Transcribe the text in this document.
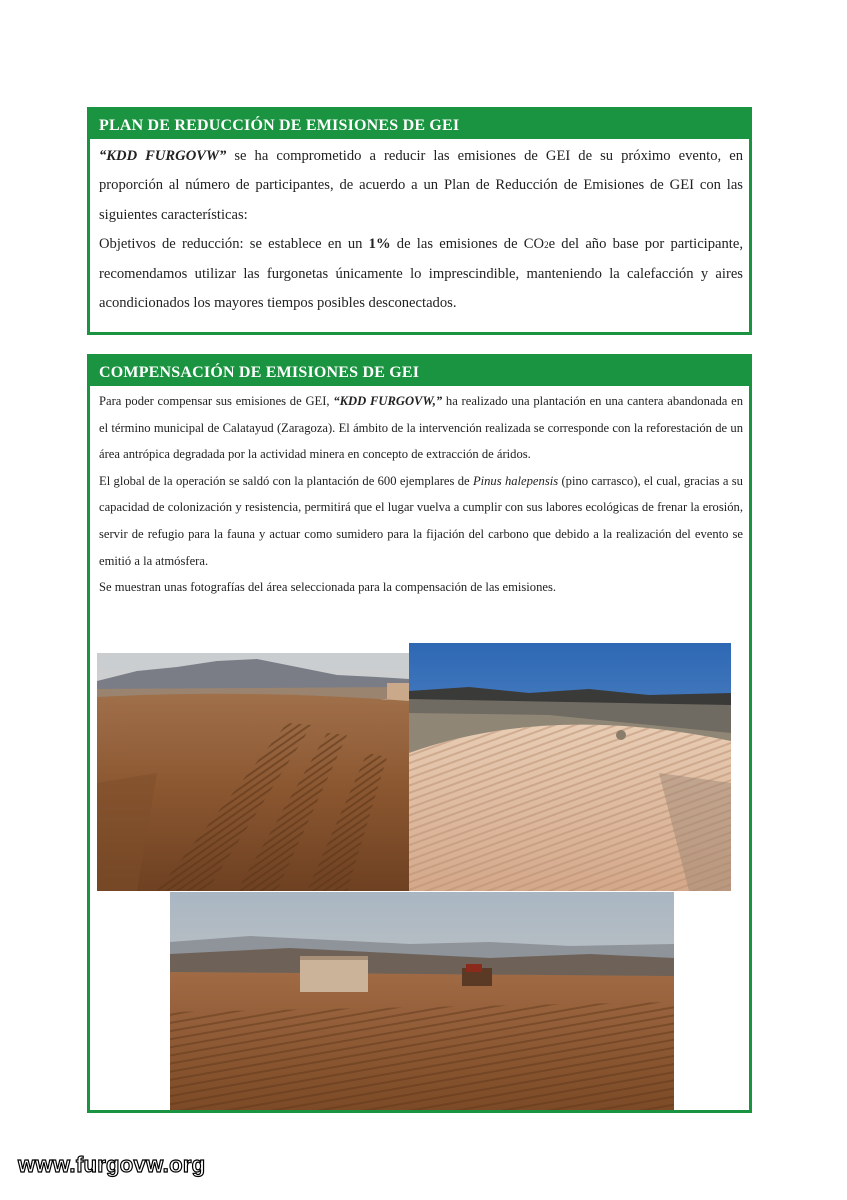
PLAN DE REDUCCIÓN DE EMISIONES DE GEI

“KDD FURGOVW” se ha comprometido a reducir las emisiones de GEI de su próximo evento, en proporción al número de participantes, de acuerdo a un Plan de Reducción de Emisiones de GEI con las siguientes características:

Objetivos de reducción: se establece en un 1% de las emisiones de CO2e del año base por participante, recomendamos utilizar las furgonetas únicamente lo imprescindible, manteniendo la calefacción y aires acondicionados los mayores tiempos posibles desconectados.

COMPENSACIÓN DE EMISIONES DE GEI

Para poder compensar sus emisiones de GEI, “KDD FURGOVW,” ha realizado una plantación en una cantera abandonada en el término municipal de Calatayud (Zaragoza). El ámbito de la intervención realizada se corresponde con la reforestación de un área antrópica degradada por la actividad minera en concepto de extracción de áridos.

El global de la operación se saldó con la plantación de 600 ejemplares de Pinus halepensis (pino carrasco), el cual, gracias a su capacidad de colonización y resistencia, permitirá que el lugar vuelva a cumplir con sus labores ecológicas de frenar la erosión, servir de refugio para la fauna y actuar como sumidero para la fijación del carbono que debido a la realización del evento se emitió a la atmósfera.

Se muestran unas fotografías del área seleccionada para la compensación de las emisiones.

www.furgovw.org
